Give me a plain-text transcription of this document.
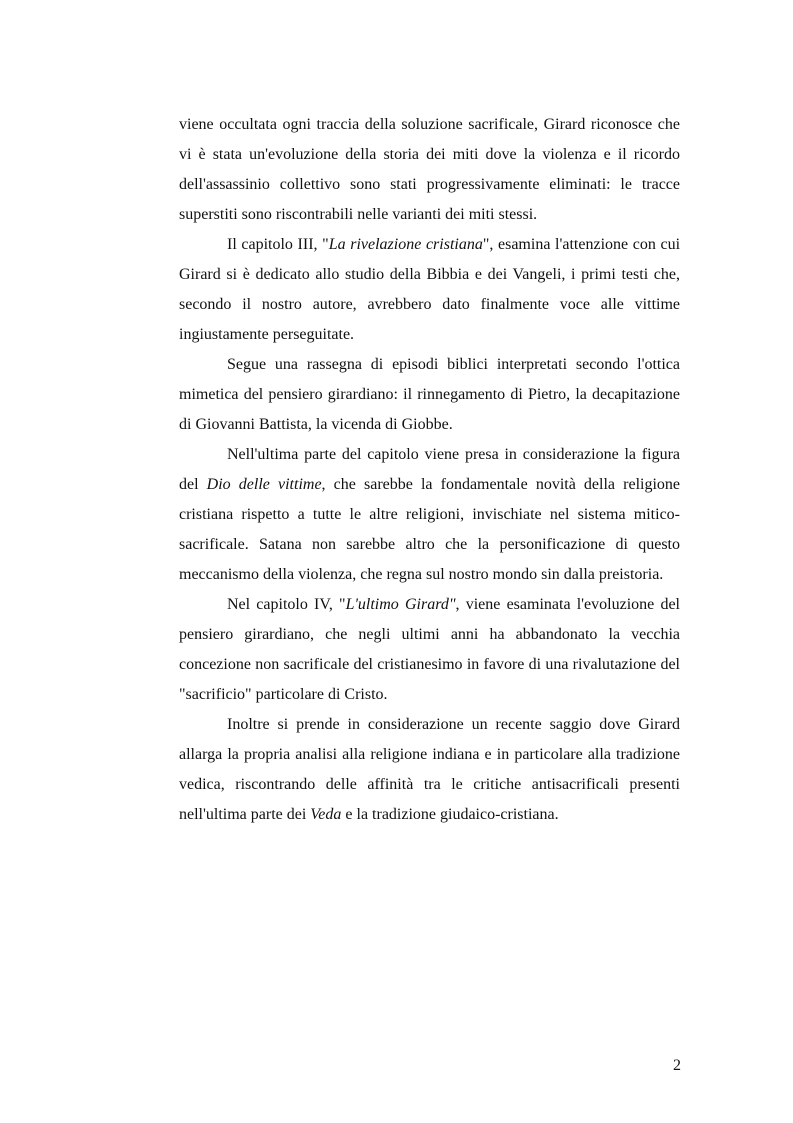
viene occultata ogni traccia della soluzione sacrificale, Girard riconosce che vi è stata un'evoluzione della storia dei miti dove la violenza e il ricordo dell'assassinio collettivo sono stati progressivamente eliminati: le tracce superstiti sono riscontrabili nelle varianti dei miti stessi.

Il capitolo III, "La rivelazione cristiana", esamina l'attenzione con cui Girard si è dedicato allo studio della Bibbia e dei Vangeli, i primi testi che, secondo il nostro autore, avrebbero dato finalmente voce alle vittime ingiustamente perseguitate.

Segue una rassegna di episodi biblici interpretati secondo l'ottica mimetica del pensiero girardiano: il rinnegamento di Pietro, la decapitazione di Giovanni Battista, la vicenda di Giobbe.

Nell'ultima parte del capitolo viene presa in considerazione la figura del Dio delle vittime, che sarebbe la fondamentale novità della religione cristiana rispetto a tutte le altre religioni, invischiate nel sistema mitico-sacrificale. Satana non sarebbe altro che la personificazione di questo meccanismo della violenza, che regna sul nostro mondo sin dalla preistoria.

Nel capitolo IV, "L'ultimo Girard", viene esaminata l'evoluzione del pensiero girardiano, che negli ultimi anni ha abbandonato la vecchia concezione non sacrificale del cristianesimo in favore di una rivalutazione del "sacrificio" particolare di Cristo.

Inoltre si prende in considerazione un recente saggio dove Girard allarga la propria analisi alla religione indiana e in particolare alla tradizione vedica, riscontrando delle affinità tra le critiche antisacrificali presenti nell'ultima parte dei Veda e la tradizione giudaico-cristiana.

2
